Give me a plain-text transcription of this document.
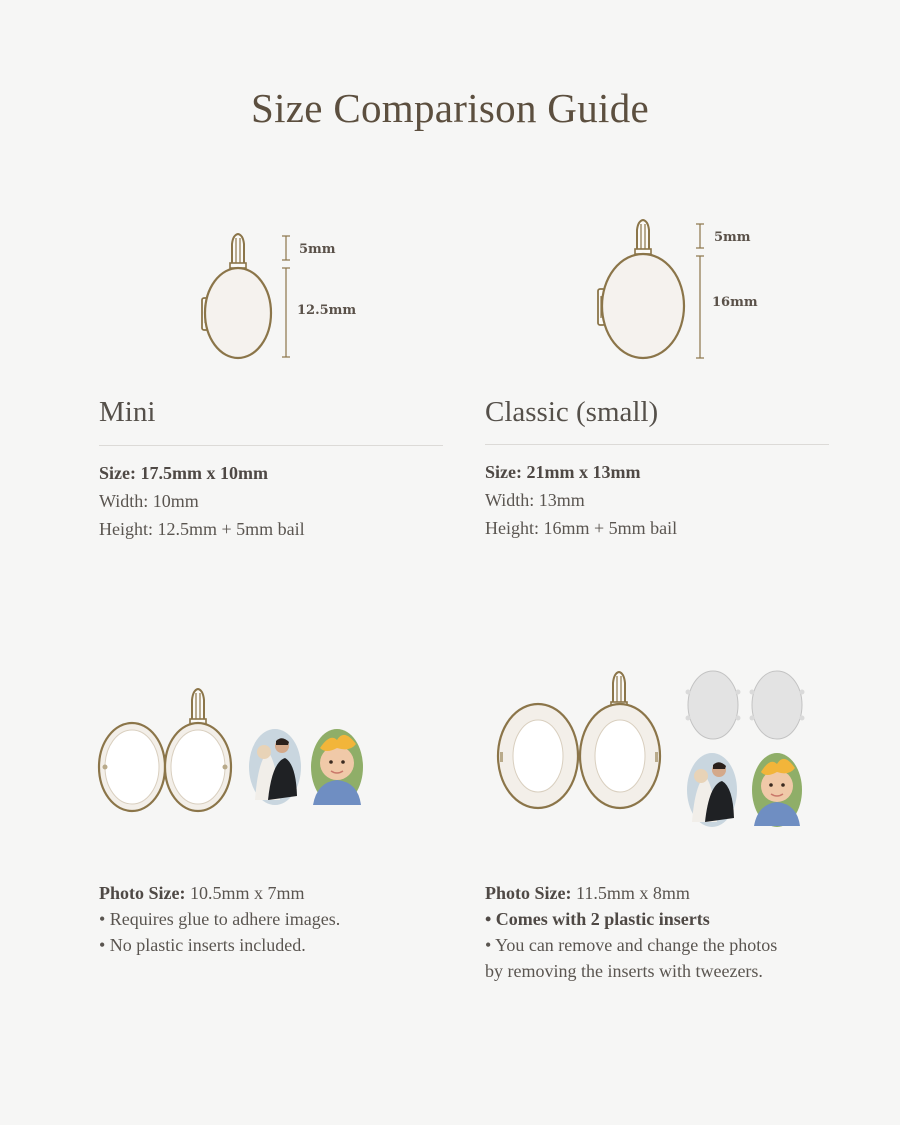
Size Comparison Guide
5mm
12.5mm
5mm
16mm
Mini
Size: 17.5mm x 10mm
Width: 10mm
Height: 12.5mm + 5mm bail
Classic (small)
Size: 21mm x 13mm
Width: 13mm
Height: 16mm + 5mm bail
Photo Size: 10.5mm x 7mm
• Requires glue to adhere images.
• No plastic inserts included.
Photo Size: 11.5mm x 8mm
• Comes with 2 plastic inserts
• You can remove and change the photos
by removing the inserts with tweezers.
